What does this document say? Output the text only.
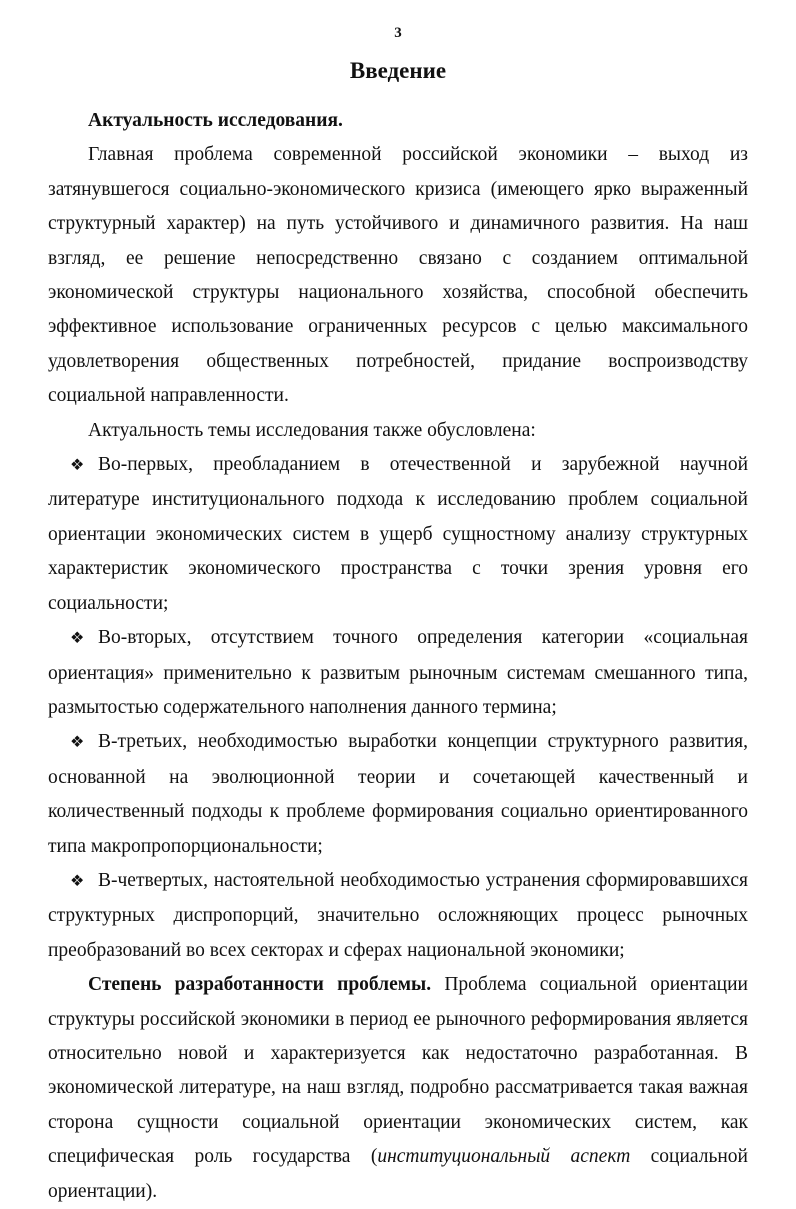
3
Введение

Актуальность исследования.

Главная проблема современной российской экономики – выход из затянувшегося социально-экономического кризиса (имеющего ярко выраженный структурный характер) на путь устойчивого и динамичного развития. На наш взгляд, ее решение непосредственно связано с созданием оптимальной экономической структуры национального хозяйства, способной обеспечить эффективное использование ограниченных ресурсов с целью максимального удовлетворения общественных потребностей, придание воспроизводству социальной направленности.

Актуальность темы исследования также обусловлена:

❖ Во-первых, преобладанием в отечественной и зарубежной научной литературе институционального подхода к исследованию проблем социальной ориентации экономических систем в ущерб сущностному анализу структурных характеристик экономического пространства с точки зрения уровня его социальности;

❖ Во-вторых, отсутствием точного определения категории «социальная ориентация» применительно к развитым рыночным системам смешанного типа, размытостью содержательного наполнения данного термина;

❖ В-третьих, необходимостью выработки концепции структурного развития, основанной на эволюционной теории и сочетающей качественный и количественный подходы к проблеме формирования социально ориентированного типа макропропорциональности;

❖ В-четвертых, настоятельной необходимостью устранения сформировавшихся структурных диспропорций, значительно осложняющих процесс рыночных преобразований во всех секторах и сферах национальной экономики;

Степень разработанности проблемы. Проблема социальной ориентации структуры российской экономики в период ее рыночного реформирования является относительно новой и характеризуется как недостаточно разработанная. В экономической литературе, на наш взгляд, подробно рассматривается такая важная сторона сущности социальной ориентации экономических систем, как специфическая роль государства (институциональный аспект социальной ориентации).
